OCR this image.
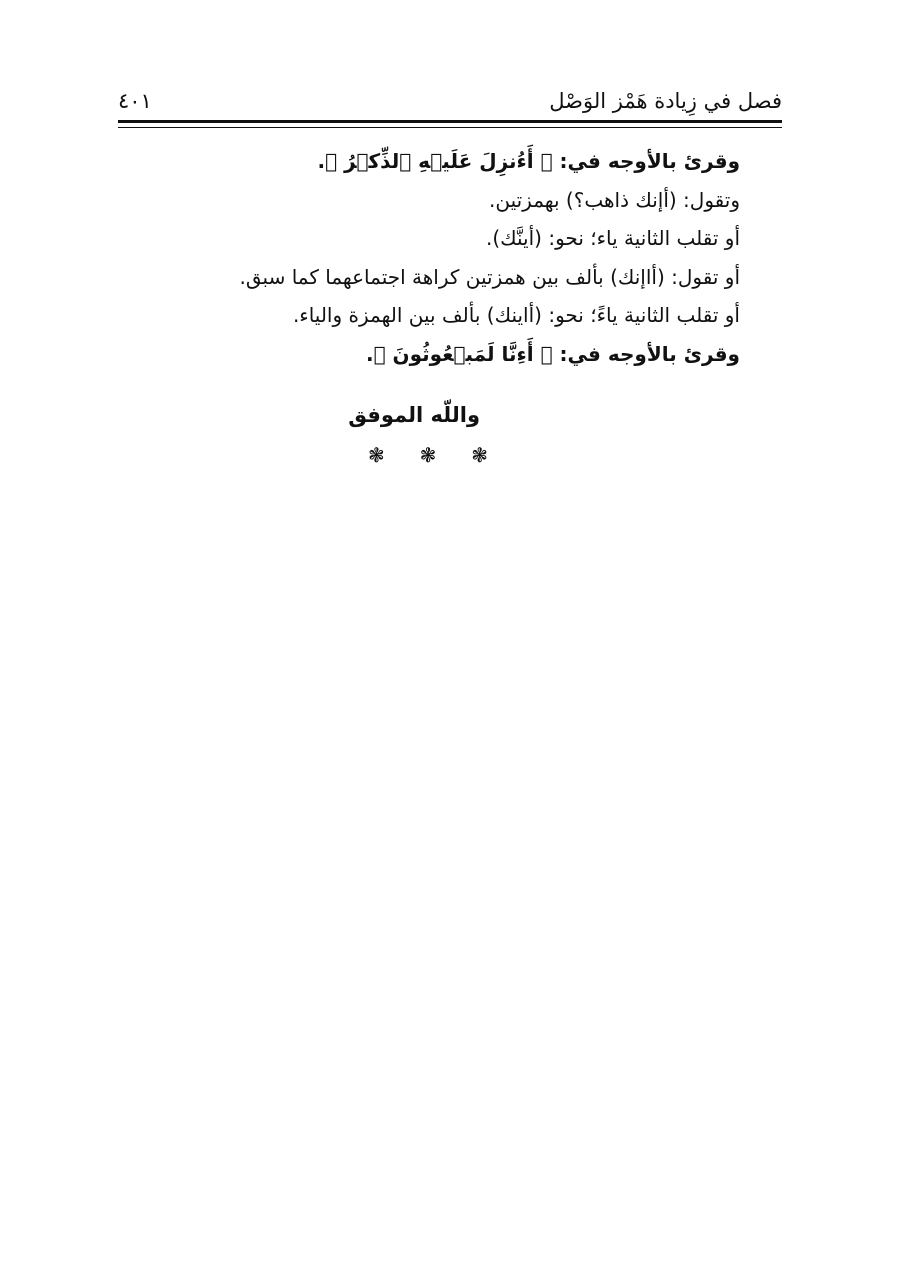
فصل في زِيادة هَمْز الوَصْل
٤٠١
وقرئ بالأوجه في: ﴿ أَءُنزِلَ عَلَيۡهِ ٱلذِّكۡرُ ﴾.
وتقول: (أإنك ذاهب؟) بهمزتين.
أو تقلب الثانية ياء؛ نحو: (أينَّك).
أو تقول: (أاإنك) بألف بين همزتين كراهة اجتماعهما كما سبق.
أو تقلب الثانية ياءً؛ نحو: (أاينك) بألف بين الهمزة والياء.
وقرئ بالأوجه في: ﴿ أَءِنَّا لَمَبۡعُوثُونَ ﴾.
واللّه الموفق
❃ ❃ ❃
